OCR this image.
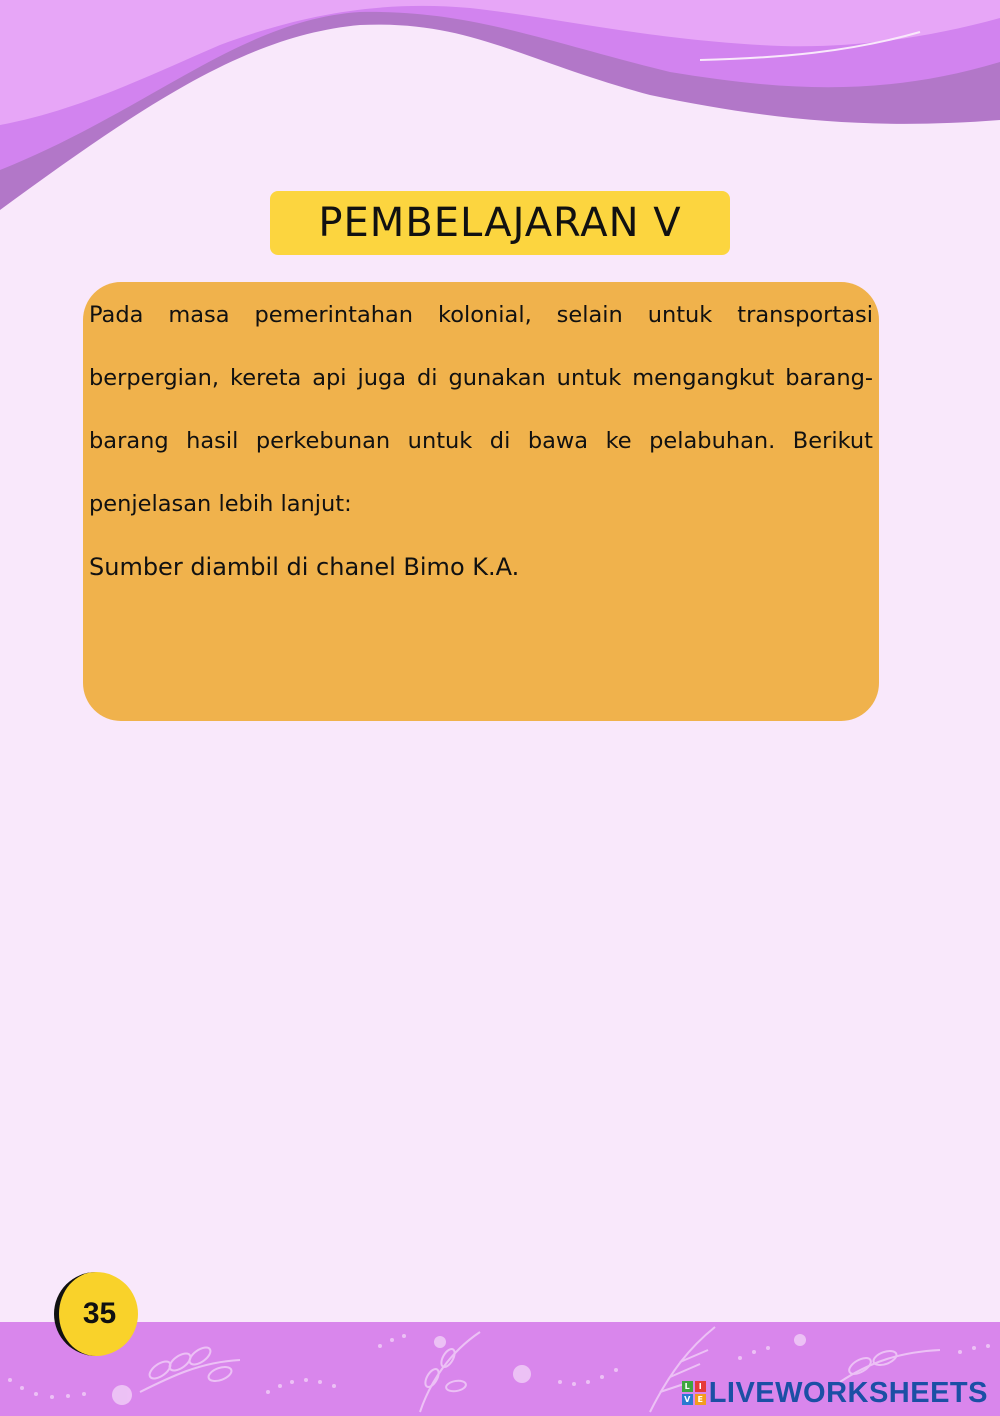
PEMBELAJARAN V

Pada masa pemerintahan kolonial, selain untuk transportasi berpergian, kereta api juga di gunakan untuk mengangkut barang-barang hasil perkebunan untuk di bawa ke pelabuhan. Berikut penjelasan lebih lanjut:

Sumber diambil di chanel Bimo K.A.

35
L	I
V E LIVEWORKSHEETS
